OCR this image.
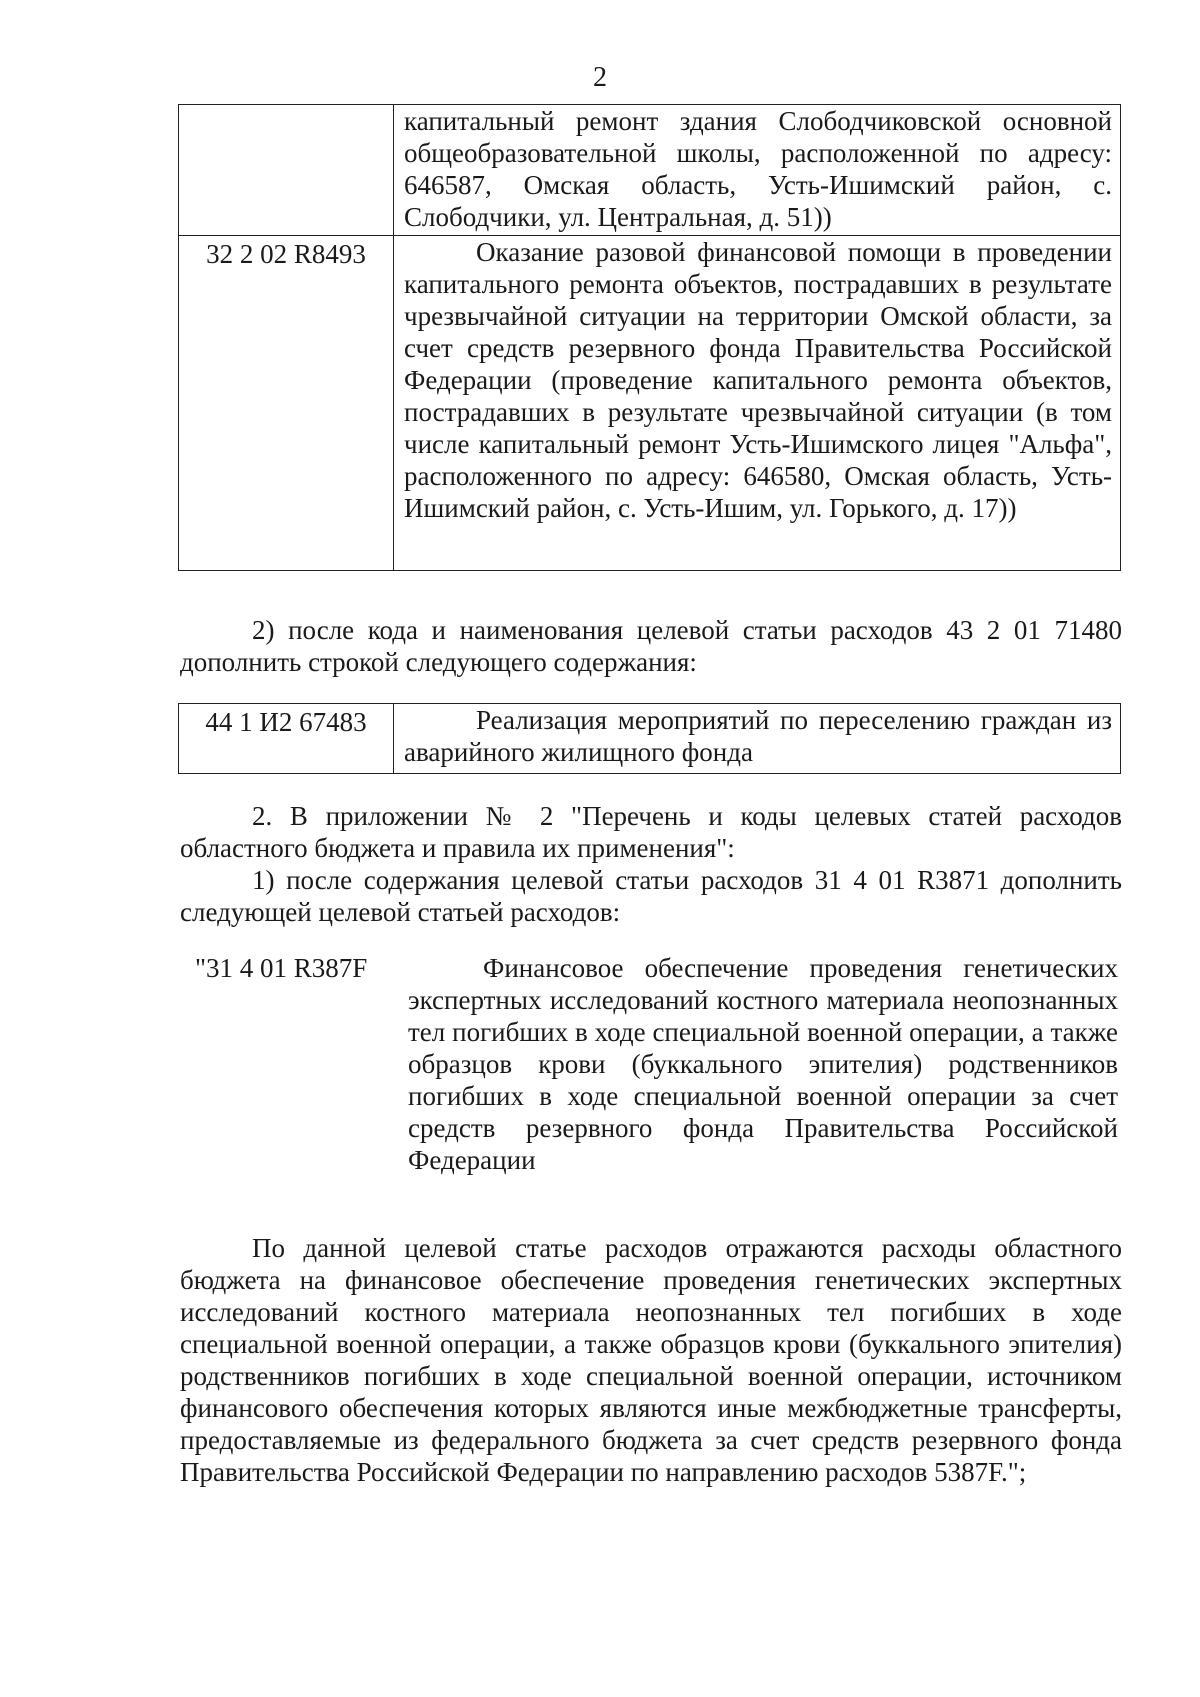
2
	капитальный ремонт здания Слободчиковской основной общеобразовательной школы, расположенной по адресу: 646587, Омская область, Усть-Ишимский район, с. Слободчики, ул. Центральная, д. 51))
32 2 02 R8493	Оказание разовой финансовой помощи в проведении капитального ремонта объектов, пострадавших в результате чрезвычайной ситуации на территории Омской области, за счет средств резервного фонда Правительства Российской Федерации (проведение капитального ремонта объектов, пострадавших в результате чрезвычайной ситуации (в том числе капитальный ремонт Усть-Ишимского лицея "Альфа", расположенного по адресу: 646580, Омская область, Усть-Ишимский район, с. Усть-Ишим, ул. Горького, д. 17))
2) после кода и наименования целевой статьи расходов 43 2 01 71480 дополнить строкой следующего содержания:
44 1 И2 67483	Реализация мероприятий по переселению граждан из аварийного жилищного фонда
2. В приложении № 2 "Перечень и коды целевых статей расходов областного бюджета и правила их применения":
1) после содержания целевой статьи расходов 31 4 01 R3871 дополнить следующей целевой статьей расходов:
"31 4 01 R387F	Финансовое обеспечение проведения генетических экспертных исследований костного материала неопознанных тел погибших в ходе специальной военной операции, а также образцов крови (буккального эпителия) родственников погибших в ходе специальной военной операции за счет средств резервного фонда Правительства Российской Федерации
По данной целевой статье расходов отражаются расходы областного бюджета на финансовое обеспечение проведения генетических экспертных исследований костного материала неопознанных тел погибших в ходе специальной военной операции, а также образцов крови (буккального эпителия) родственников погибших в ходе специальной военной операции, источником финансового обеспечения которых являются иные межбюджетные трансферты, предоставляемые из федерального бюджета за счет средств резервного фонда Правительства Российской Федерации по направлению расходов 5387F.";
